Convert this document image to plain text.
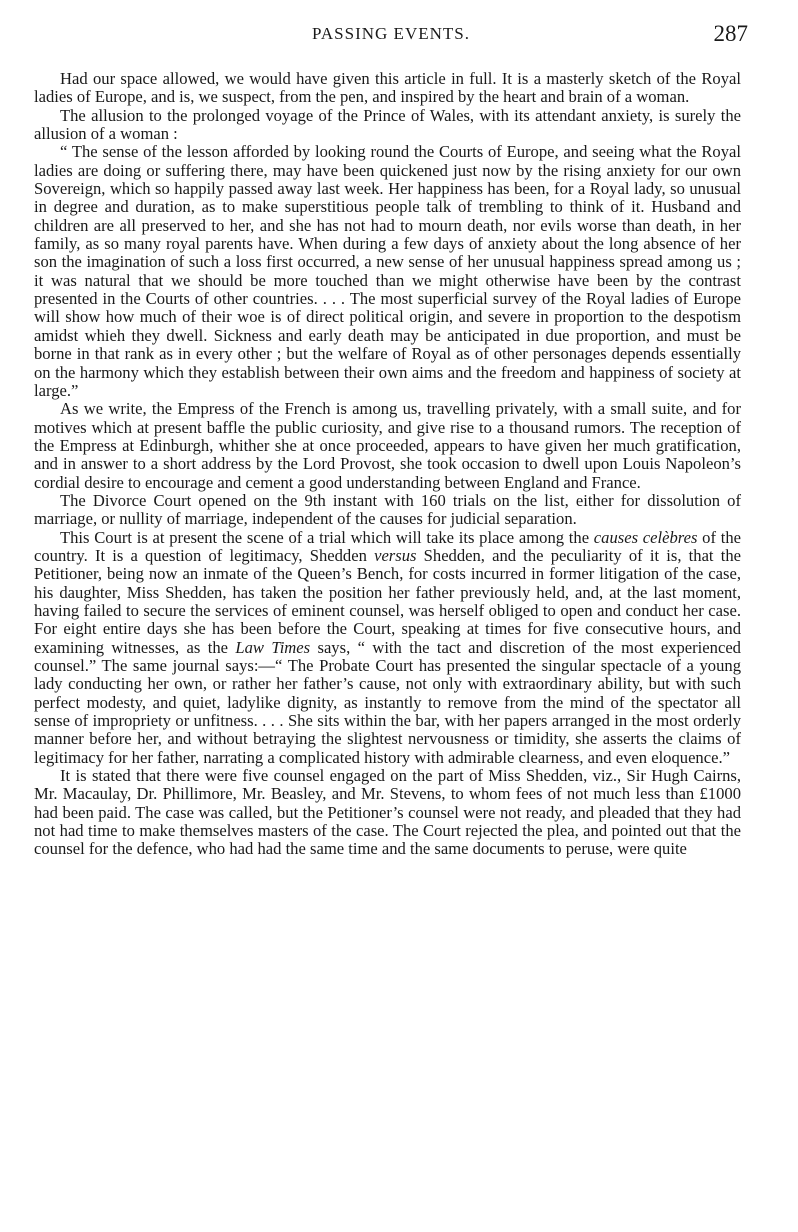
PASSING EVENTS.	287

Had our space allowed, we would have given this article in full. It is a masterly sketch of the Royal ladies of Europe, and is, we suspect, from the pen, and inspired by the heart and brain of a woman.

The allusion to the prolonged voyage of the Prince of Wales, with its attendant anxiety, is surely the allusion of a woman :

“ The sense of the lesson afforded by looking round the Courts of Europe, and seeing what the Royal ladies are doing or suffering there, may have been quickened just now by the rising anxiety for our own Sovereign, which so happily passed away last week. Her happiness has been, for a Royal lady, so unusual in degree and duration, as to make superstitious people talk of trembling to think of it. Husband and children are all preserved to her, and she has not had to mourn death, nor evils worse than death, in her family, as so many royal parents have. When during a few days of anxiety about the long absence of her son the imagination of such a loss first occurred, a new sense of her unusual happiness spread among us ; it was natural that we should be more touched than we might otherwise have been by the contrast presented in the Courts of other countries. . . . The most superficial survey of the Royal ladies of Europe will show how much of their woe is of direct political origin, and severe in proportion to the despotism amidst whieh they dwell. Sickness and early death may be anticipated in due proportion, and must be borne in that rank as in every other ; but the welfare of Royal as of other personages depends essentially on the harmony which they establish between their own aims and the freedom and happiness of society at large.”

As we write, the Empress of the French is among us, travelling privately, with a small suite, and for motives which at present baffle the public curiosity, and give rise to a thousand rumors. The reception of the Empress at Edinburgh, whither she at once proceeded, appears to have given her much gratification, and in answer to a short address by the Lord Provost, she took occasion to dwell upon Louis Napoleon’s cordial desire to encourage and cement a good understanding between England and France.

The Divorce Court opened on the 9th instant with 160 trials on the list, either for dissolution of marriage, or nullity of marriage, independent of the causes for judicial separation.

This Court is at present the scene of a trial which will take its place among the causes celèbres of the country. It is a question of legitimacy, Shedden versus Shedden, and the peculiarity of it is, that the Petitioner, being now an inmate of the Queen’s Bench, for costs incurred in former litigation of the case, his daughter, Miss Shedden, has taken the position her father previously held, and, at the last moment, having failed to secure the services of eminent counsel, was herself obliged to open and conduct her case. For eight entire days she has been before the Court, speaking at times for five consecutive hours, and examining witnesses, as the Law Times says, “ with the tact and discretion of the most experienced counsel.” The same journal says:—“ The Probate Court has presented the singular spectacle of a young lady conducting her own, or rather her father’s cause, not only with extraordinary ability, but with such perfect modesty, and quiet, ladylike dignity, as instantly to remove from the mind of the spectator all sense of impropriety or unfitness. . . . She sits within the bar, with her papers arranged in the most orderly manner before her, and without betraying the slightest nervousness or timidity, she asserts the claims of legitimacy for her father, narrating a complicated history with admirable clearness, and even eloquence.”

It is stated that there were five counsel engaged on the part of Miss Shedden, viz., Sir Hugh Cairns, Mr. Macaulay, Dr. Phillimore, Mr. Beasley, and Mr. Stevens, to whom fees of not much less than £1000 had been paid. The case was called, but the Petitioner’s counsel were not ready, and pleaded that they had not had time to make themselves masters of the case. The Court rejected the plea, and pointed out that the counsel for the defence, who had had the same time and the same documents to peruse, were quite
